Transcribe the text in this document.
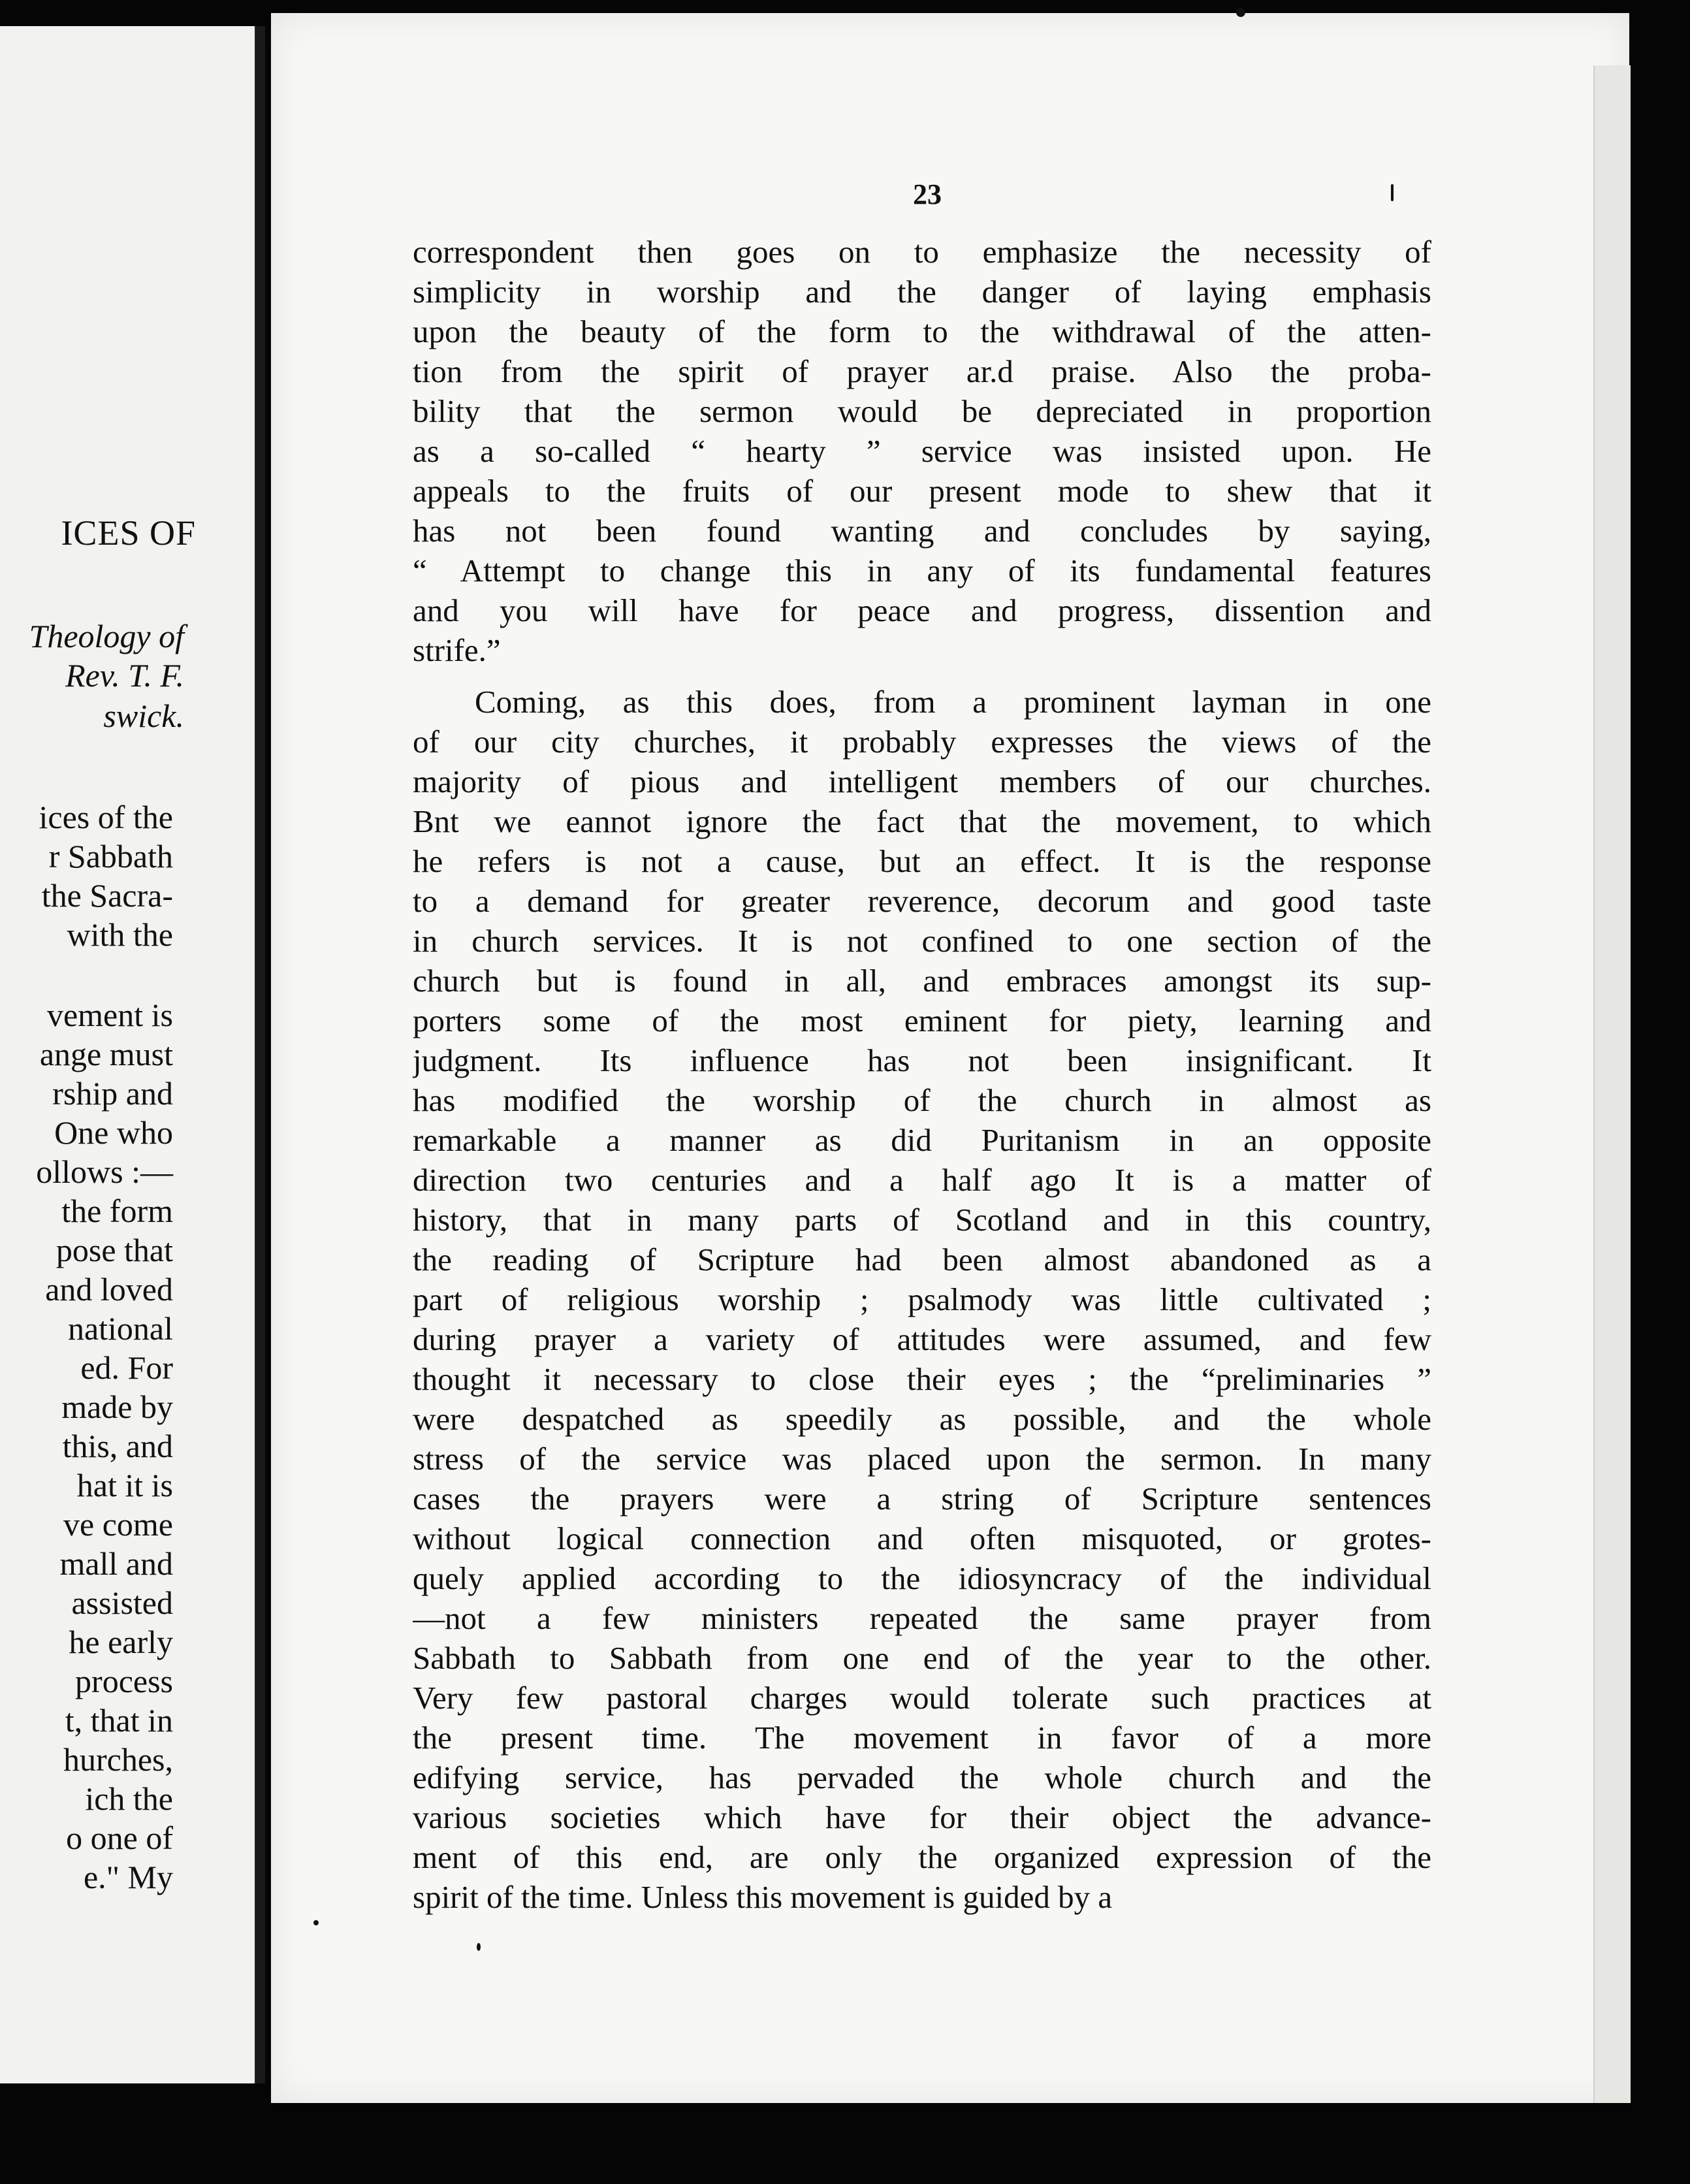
ICES OF
Theology of
Rev. T. F.
swick.
ices of the
r Sabbath
the Sacra-
with the
vement is
ange must
rship and
One who
ollows :—
the form
pose that
and loved
national
ed. For
made by
this, and
hat it is
ve come
mall and
assisted
he early
process
t, that in
hurches,
ich the
o one of
e." My
23
correspondent then goes on to emphasize the necessity of
simplicity in worship and the danger of laying emphasis
upon the beauty of the form to the withdrawal of the atten-
tion from the spirit of prayer ar.d praise. Also the proba-
bility that the sermon would be depreciated in proportion
as a so-called “ hearty ” service was insisted upon. He
appeals to the fruits of our present mode to shew that it
has not been found wanting and concludes by saying,
“ Attempt to change this in any of its fundamental features
and you will have for peace and progress, dissention and
strife.”
Coming, as this does, from a prominent layman in one
of our city churches, it probably expresses the views of the
majority of pious and intelligent members of our churches.
Bnt we eannot ignore the fact that the movement, to which
he refers is not a cause, but an effect. It is the response
to a demand for greater reverence, decorum and good taste
in church services. It is not confined to one section of the
church but is found in all, and embraces amongst its sup-
porters some of the most eminent for piety, learning and
judgment. Its influence has not been insignificant. It
has modified the worship of the church in almost as
remarkable a manner as did Puritanism in an opposite
direction two centuries and a half ago It is a matter of
history, that in many parts of Scotland and in this country,
the reading of Scripture had been almost abandoned as a
part of religious worship ; psalmody was little cultivated ;
during prayer a variety of attitudes were assumed, and few
thought it necessary to close their eyes ; the “preliminaries ”
were despatched as speedily as possible, and the whole
stress of the service was placed upon the sermon. In many
cases the prayers were a string of Scripture sentences
without logical connection and often misquoted, or grotes-
quely applied according to the idiosyncracy of the individual
—not a few ministers repeated the same prayer from
Sabbath to Sabbath from one end of the year to the other.
Very few pastoral charges would tolerate such practices at
the present time. The movement in favor of a more
edifying service, has pervaded the whole church and the
various societies which have for their object the advance-
ment of this end, are only the organized expression of the
spirit of the time. Unless this movement is guided by a
